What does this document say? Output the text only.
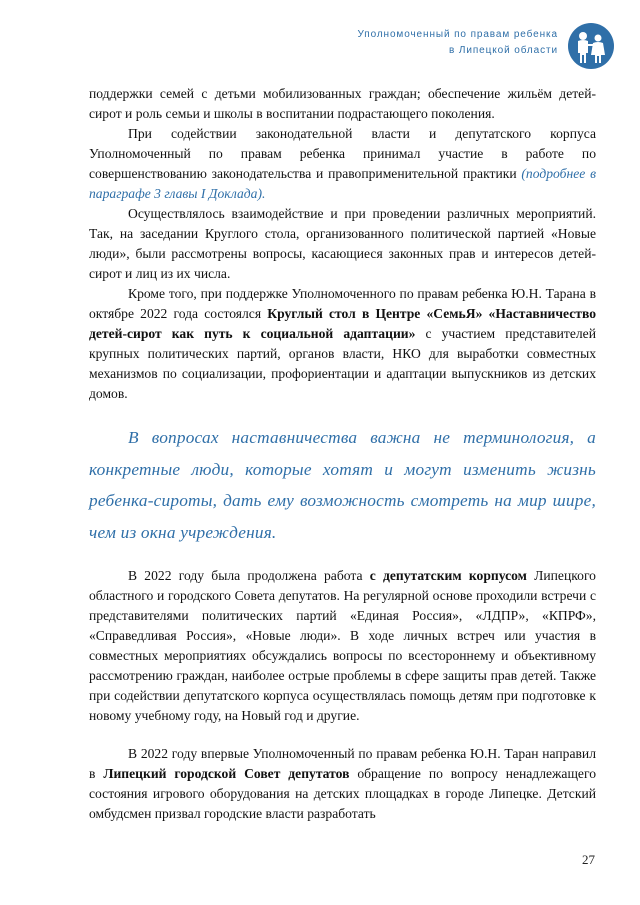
Уполномоченный по правам ребенка
в Липецкой области

поддержки семей с детьми мобилизованных граждан; обеспечение жильём детей-сирот и роль семьи и школы в воспитании подрастающего поколения.

При содействии законодательной власти и депутатского корпуса Уполномоченный по правам ребенка принимал участие в работе по совершенствованию законодательства и правоприменительной практики (подробнее в параграфе 3 главы I Доклада).

Осуществлялось взаимодействие и при проведении различных мероприятий. Так, на заседании Круглого стола, организованного политической партией «Новые люди», были рассмотрены вопросы, касающиеся законных прав и интересов детей-сирот и лиц из их числа.

Кроме того, при поддержке Уполномоченного по правам ребенка Ю.Н. Тарана в октябре 2022 года состоялся Круглый стол в Центре «СемьЯ» «Наставничество детей-сирот как путь к социальной адаптации» с участием представителей крупных политических партий, органов власти, НКО для выработки совместных механизмов по социализации, профориентации и адаптации выпускников из детских домов.

В вопросах наставничества важна не терминология, а конкретные люди, которые хотят и могут изменить жизнь ребенка-сироты, дать ему возможность смотреть на мир шире, чем из окна учреждения.

В 2022 году была продолжена работа с депутатским корпусом Липецкого областного и городского Совета депутатов. На регулярной основе проходили встречи с представителями политических партий «Единая Россия», «ЛДПР», «КПРФ», «Справедливая Россия», «Новые люди». В ходе личных встреч или участия в совместных мероприятиях обсуждались вопросы по всестороннему и объективному рассмотрению граждан, наиболее острые проблемы в сфере защиты прав детей. Также при содействии депутатского корпуса осуществлялась помощь детям при подготовке к новому учебному году, на Новый год и другие.

В 2022 году впервые Уполномоченный по правам ребенка Ю.Н. Таран направил в Липецкий городской Совет депутатов обращение по вопросу ненадлежащего состояния игрового оборудования на детских площадках в городе Липецке. Детский омбудсмен призвал городские власти разработать

27
